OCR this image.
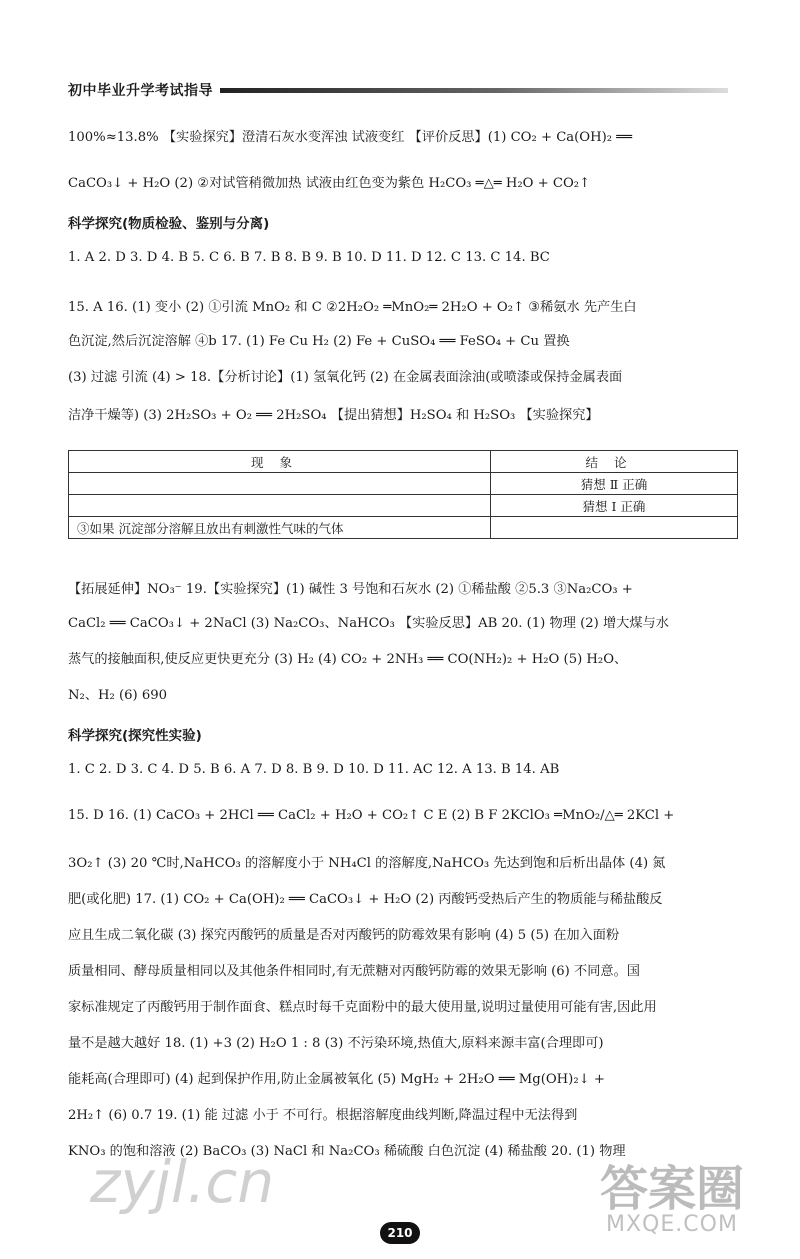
初中毕业升学考试指导
100%≈13.8% 【实验探究】澄清石灰水变浑浊 试液变红 【评价反思】(1) CO₂ + Ca(OH)₂ ══
CaCO₃↓ + H₂O (2) ②对试管稍微加热 试液由红色变为紫色 H₂CO₃ ═△═ H₂O + CO₂↑
科学探究(物质检验、鉴别与分离)
1. A 2. D 3. D 4. B 5. C 6. B 7. B 8. B 9. B 10. D 11. D 12. C 13. C 14. BC
15. A 16. (1) 变小 (2) ①引流 MnO₂ 和 C ②2H₂O₂ ═MnO₂═ 2H₂O + O₂↑ ③稀氨水 先产生白
色沉淀,然后沉淀溶解 ④b 17. (1) Fe Cu H₂ (2) Fe + CuSO₄ ══ FeSO₄ + Cu 置换
(3) 过滤 引流 (4) > 18.【分析讨论】(1) 氢氧化钙 (2) 在金属表面涂油(或喷漆或保持金属表面
洁净干燥等) (3) 2H₂SO₃ + O₂ ══ 2H₂SO₄ 【提出猜想】H₂SO₄ 和 H₂SO₃ 【实验探究】
现象	结论
	猜想 Ⅱ 正确
	猜想 Ⅰ 正确
③如果 沉淀部分溶解且放出有刺激性气味的气体	
【拓展延伸】NO₃⁻ 19.【实验探究】(1) 碱性 3 号饱和石灰水 (2) ①稀盐酸 ②5.3 ③Na₂CO₃ +
CaCl₂ ══ CaCO₃↓ + 2NaCl (3) Na₂CO₃、NaHCO₃ 【实验反思】AB 20. (1) 物理 (2) 增大煤与水
蒸气的接触面积,使反应更快更充分 (3) H₂ (4) CO₂ + 2NH₃ ══ CO(NH₂)₂ + H₂O (5) H₂O、
N₂、H₂ (6) 690
科学探究(探究性实验)
1. C 2. D 3. C 4. D 5. B 6. A 7. D 8. B 9. D 10. D 11. AC 12. A 13. B 14. AB
15. D 16. (1) CaCO₃ + 2HCl ══ CaCl₂ + H₂O + CO₂↑ C E (2) B F 2KClO₃ ═MnO₂/△═ 2KCl +
3O₂↑ (3) 20 ℃时,NaHCO₃ 的溶解度小于 NH₄Cl 的溶解度,NaHCO₃ 先达到饱和后析出晶体 (4) 氮
肥(或化肥) 17. (1) CO₂ + Ca(OH)₂ ══ CaCO₃↓ + H₂O (2) 丙酸钙受热后产生的物质能与稀盐酸反
应且生成二氧化碳 (3) 探究丙酸钙的质量是否对丙酸钙的防霉效果有影响 (4) 5 (5) 在加入面粉
质量相同、酵母质量相同以及其他条件相同时,有无蔗糖对丙酸钙防霉的效果无影响 (6) 不同意。国
家标准规定了丙酸钙用于制作面食、糕点时每千克面粉中的最大使用量,说明过量使用可能有害,因此用
量不是越大越好 18. (1) +3 (2) H₂O 1 : 8 (3) 不污染环境,热值大,原料来源丰富(合理即可)
能耗高(合理即可) (4) 起到保护作用,防止金属被氧化 (5) MgH₂ + 2H₂O ══ Mg(OH)₂↓ +
2H₂↑ (6) 0.7 19. (1) 能 过滤 小于 不可行。根据溶解度曲线判断,降温过程中无法得到
KNO₃ 的饱和溶液 (2) BaCO₃ (3) NaCl 和 Na₂CO₃ 稀硫酸 白色沉淀 (4) 稀盐酸 20. (1) 物理
zyjl.cn	答案圈
MXQE.COM
210
